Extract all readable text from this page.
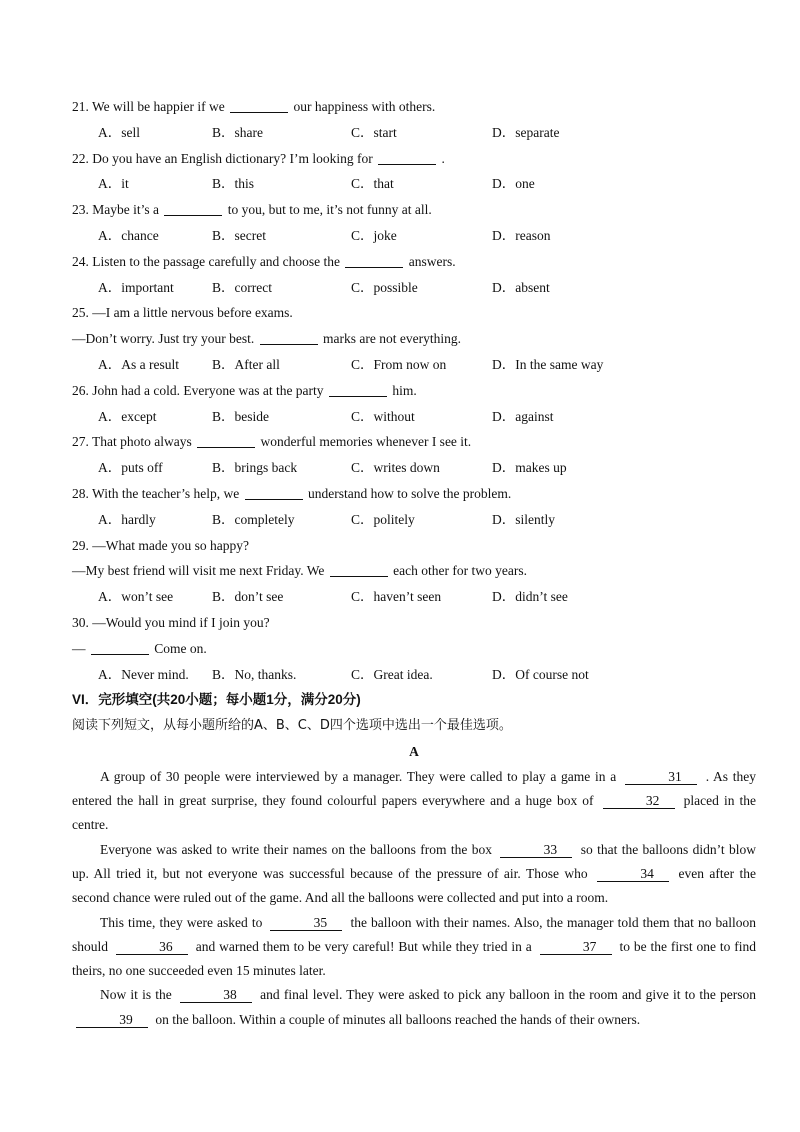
21. We will be happier if we	our happiness with others.
A．sell	B．share	C．start	D．separate
22. Do you have an English dictionary? I’m looking for	.
A．it	B．this	C．that	D．one
23. Maybe it’s a	to you, but to me, it’s not funny at all.
A．chance	B．secret	C．joke	D．reason
24. Listen to the passage carefully and choose the	answers.
A．important	B．correct	C．possible	D．absent
25. —I am a little nervous before exams.
—Don’t worry. Just try your best.	marks are not everything.
A．As a result	B．After all	C．From now on	D．In the same way
26. John had a cold. Everyone was at the party	him.
A．except	B．beside	C．without	D．against
27. That photo always	wonderful memories whenever I see it.
A．puts off	B．brings back	C．writes down	D．makes up
28. With the teacher’s help, we	understand how to solve the problem.
A．hardly	B．completely	C．politely	D．silently
29. —What made you so happy?
—My best friend will visit me next Friday. We	each other for two years.
A．won’t see	B．don’t see	C．haven’t seen	D．didn’t see
30. —Would you mind if I join you?
—	Come on.
A．Never mind.	B．No, thanks.	C．Great idea.	D．Of course not
VI．完形填空(共20小题；每小题1分，满分20分)
阅读下列短文，从每小题所给的A、B、C、D四个选项中选出一个最佳选项。
A
A group of 30 people were interviewed by a manager. They were called to play a game in a	31 . As they entered the hall in great surprise, they found colourful papers everywhere and a huge box of	32 placed in the centre.
Everyone was asked to write their names on the balloons from the box	33 so that the balloons didn’t blow up. All tried it, but not everyone was successful because of the pressure of air. Those who	34 even after the second chance were ruled out of the game. And all the balloons were collected and put into a room.
This time, they were asked to	35 the balloon with their names. Also, the manager told them that no balloon should	36 and warned them to be very careful! But while they tried in a	37 to be the first one to find theirs, no one succeeded even 15 minutes later.
Now it is the	38 and final level. They were asked to pick any balloon in the room and give it to the person 39 on the balloon. Within a couple of minutes all balloons reached the hands of their owners.
